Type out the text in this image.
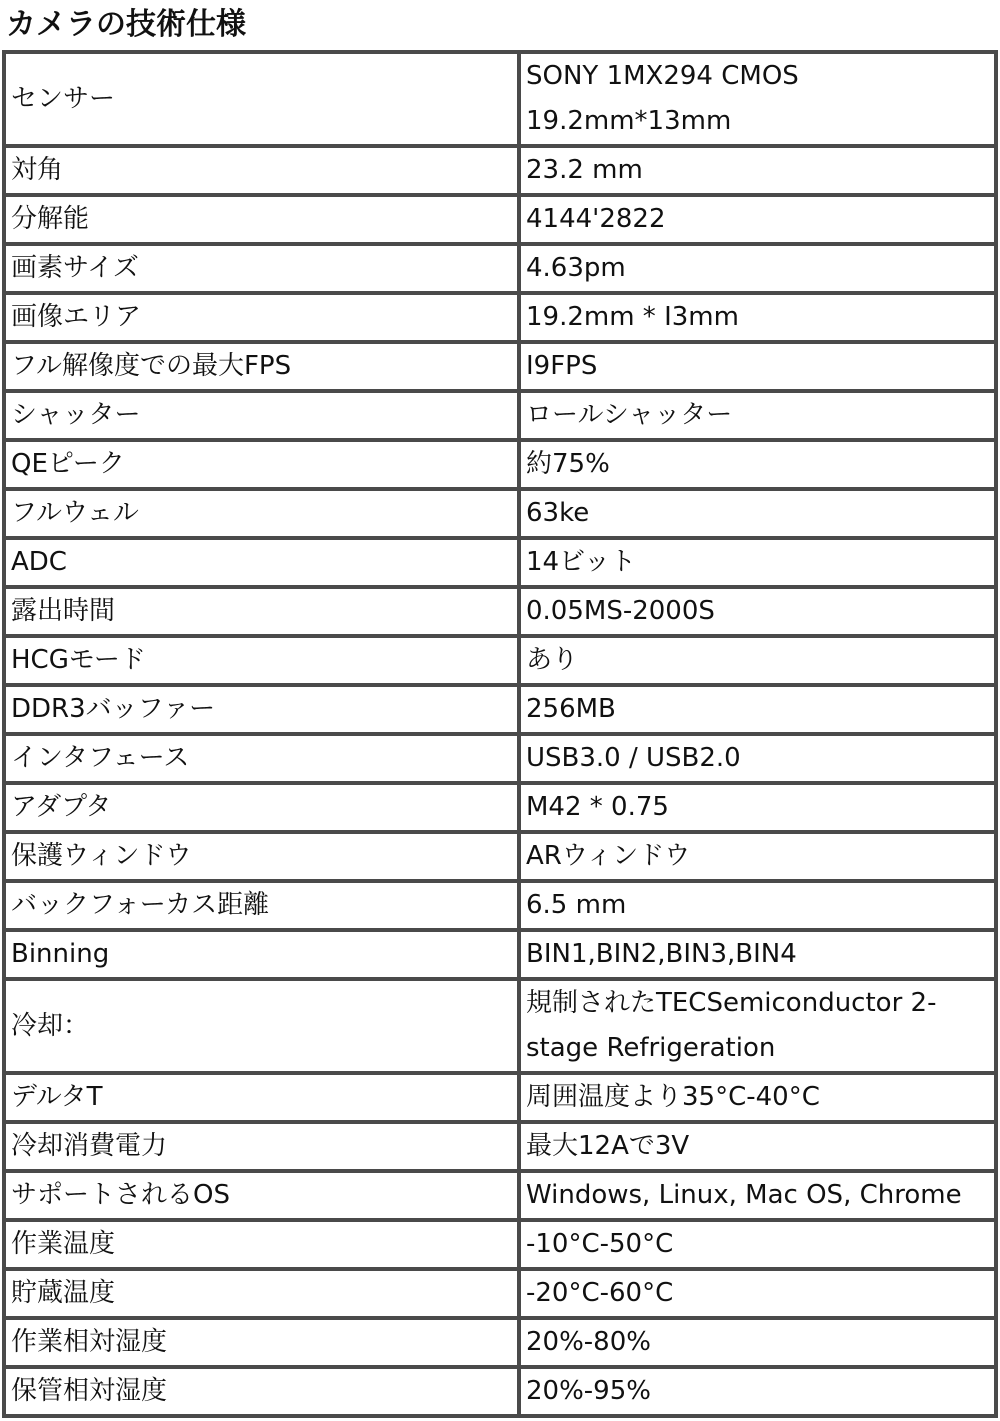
カメラの技術仕様
センサー	SONY 1MX294 CMOS 19.2mm*13mm
対角	23.2 mm
分解能	4144'2822
画素サイズ	4.63pm
画像エリア	19.2mm * I3mm
フル解像度での最大FPS	I9FPS
シャッター	ロールシャッター
QEピーク	約75%
フルウェル	63ke
ADC	14ビット
露出時間	0.05MS-2000S
HCGモード	あり
DDR3バッファー	256MB
インタフェース	USB3.0 / USB2.0
アダプタ	M42 * 0.75
保護ウィンドウ	ARウィンドウ
バックフォーカス距離	6.5 mm
Binning	BIN1,BIN2,BIN3,BIN4
冷却：	規制されたTECSemiconductor 2-stage Refrigeration
デルタT	周囲温度より35°C-40°C
冷却消費電力	最大12Aで3V
サポートされるOS	Windows, Linux, Mac OS, Chrome
作業温度	-10°C-50°C
貯蔵温度	-20°C-60°C
作業相対湿度	20%-80%
保管相対湿度	20%-95%
